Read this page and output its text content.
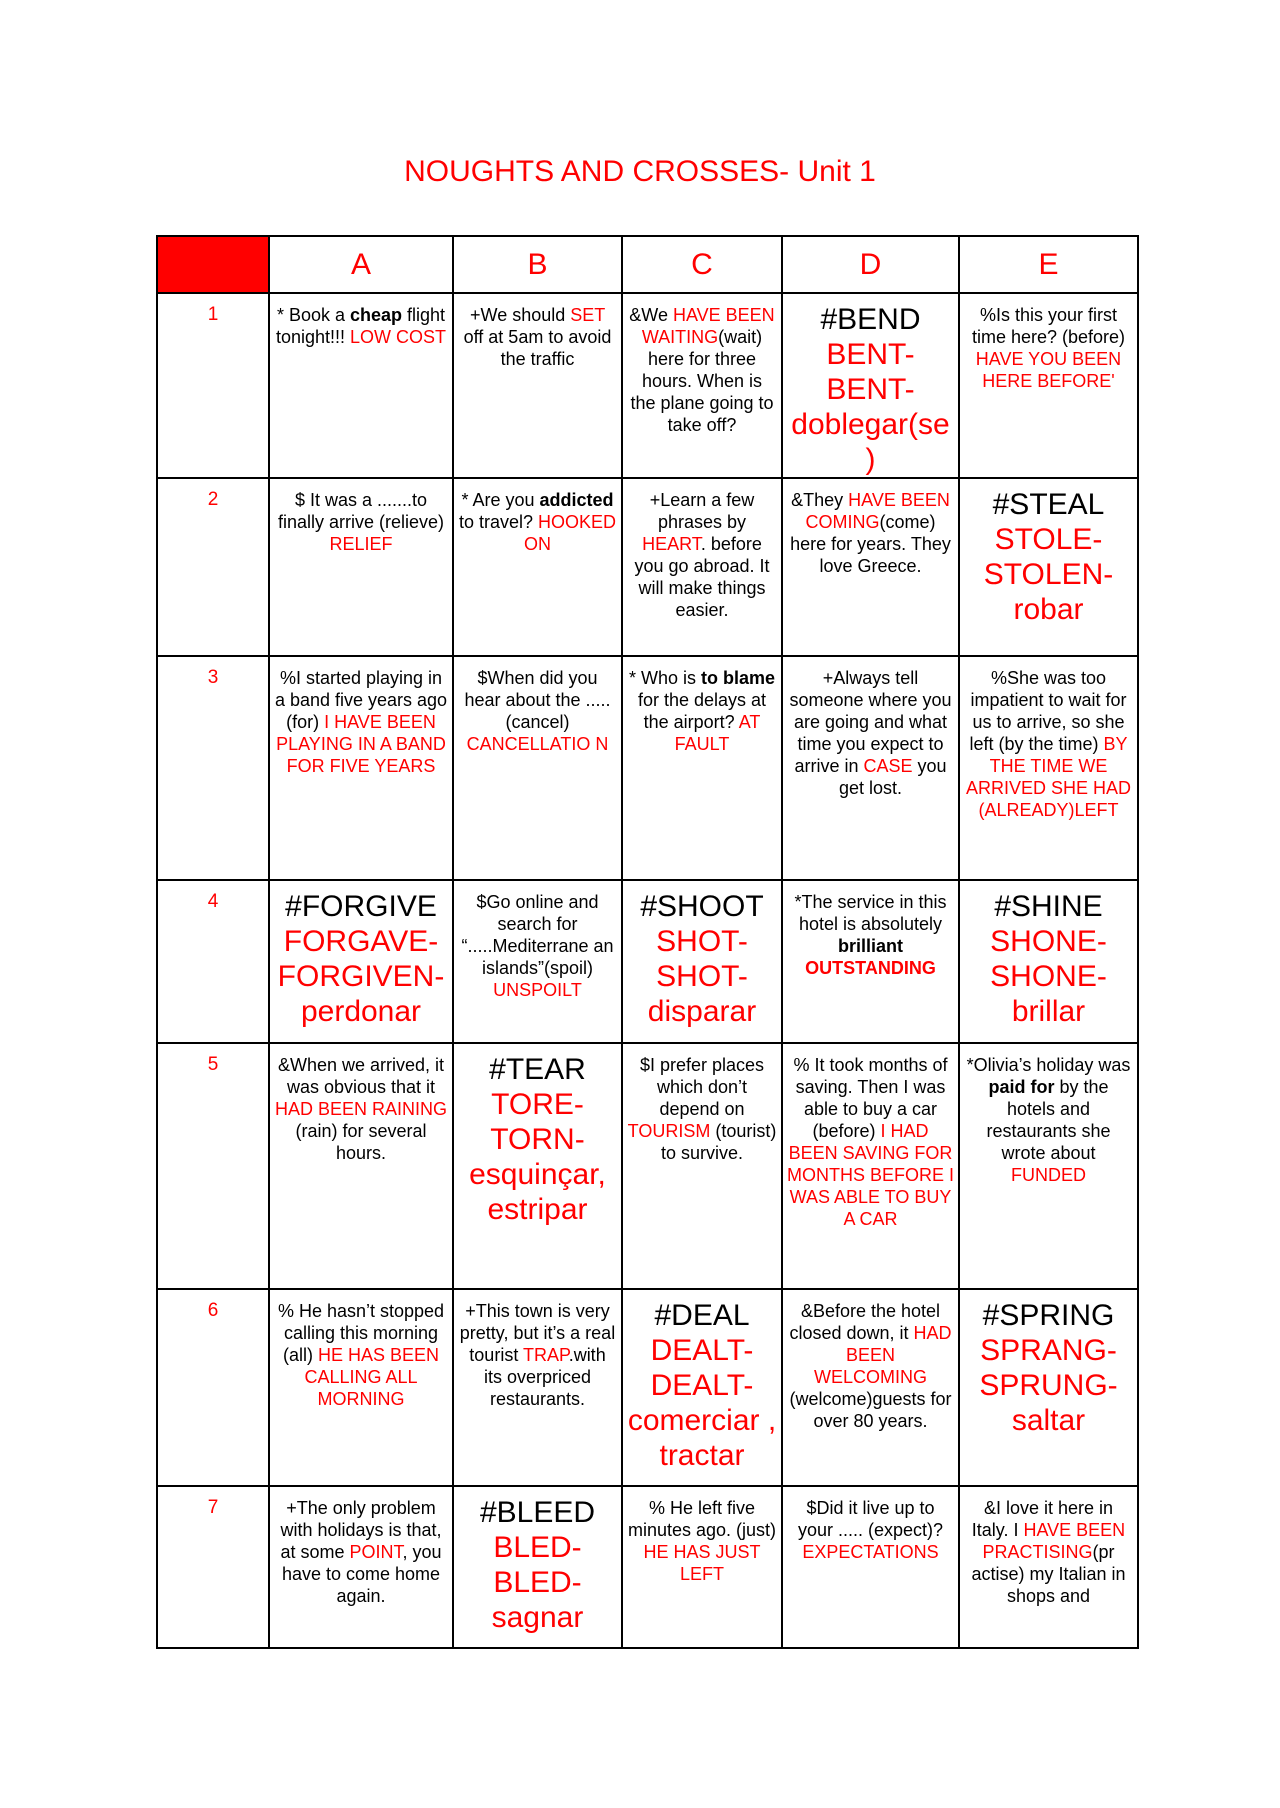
NOUGHTS AND CROSSES- Unit 1
	A	B	C	D	E
1	* Book a cheap flight tonight!!! LOW COST	+We should SET off at 5am to avoid the traffic	&We HAVE BEEN WAITING(wait) here for three hours. When is the plane going to take off?	#BEND BENT- BENT- doblegar(se )	%Is this your first time here? (before) HAVE YOU BEEN HERE BEFORE'
2	$ It was a .......to finally arrive (relieve) RELIEF	* Are you addicted to travel? HOOKED ON	+Learn a few phrases by HEART. before you go abroad. It will make things easier.	&They HAVE BEEN COMING(come) here for years. They love Greece.	#STEAL STOLE- STOLEN- robar
3	%I started playing in a band five years ago (for) I HAVE BEEN PLAYING IN A BAND FOR FIVE YEARS	$When did you hear about the .....(cancel) CANCELLATIO N	* Who is to blame for the delays at the airport? AT FAULT	+Always tell someone where you are going and what time you expect to arrive in CASE you get lost.	%She was too impatient to wait for us to arrive, so she left (by the time) BY THE TIME WE ARRIVED SHE HAD (ALREADY)LEFT
4	#FORGIVE FORGAVE- FORGIVEN- perdonar	$Go online and search for “.....Mediterrane an islands”(spoil) UNSPOILT	#SHOOT SHOT- SHOT- disparar	*The service in this hotel is absolutely brilliant OUTSTANDING	#SHINE SHONE- SHONE- brillar
5	&When we arrived, it was obvious that it HAD BEEN RAINING (rain) for several hours.	#TEAR TORE- TORN- esquinçar, estripar	$I prefer places which don’t depend on TOURISM (tourist) to survive.	% It took months of saving. Then I was able to buy a car (before) I HAD BEEN SAVING FOR MONTHS BEFORE I WAS ABLE TO BUY A CAR	*Olivia’s holiday was paid for by the hotels and restaurants she wrote about FUNDED
6	% He hasn’t stopped calling this morning (all) HE HAS BEEN CALLING ALL MORNING	+This town is very pretty, but it’s a real tourist TRAP.with its overpriced restaurants.	#DEAL DEALT- DEALT- comerciar , tractar	&Before the hotel closed down, it HAD BEEN WELCOMING (welcome)guests for over 80 years.	#SPRING SPRANG- SPRUNG- saltar
7	+The only problem with holidays is that, at some POINT, you have to come home again.	#BLEED BLED- BLED- sagnar	% He left five minutes ago. (just) HE HAS JUST LEFT	$Did it live up to your ..... (expect)? EXPECTATIONS	&I love it here in Italy. I HAVE BEEN PRACTISING(pr actise) my Italian in shops and
